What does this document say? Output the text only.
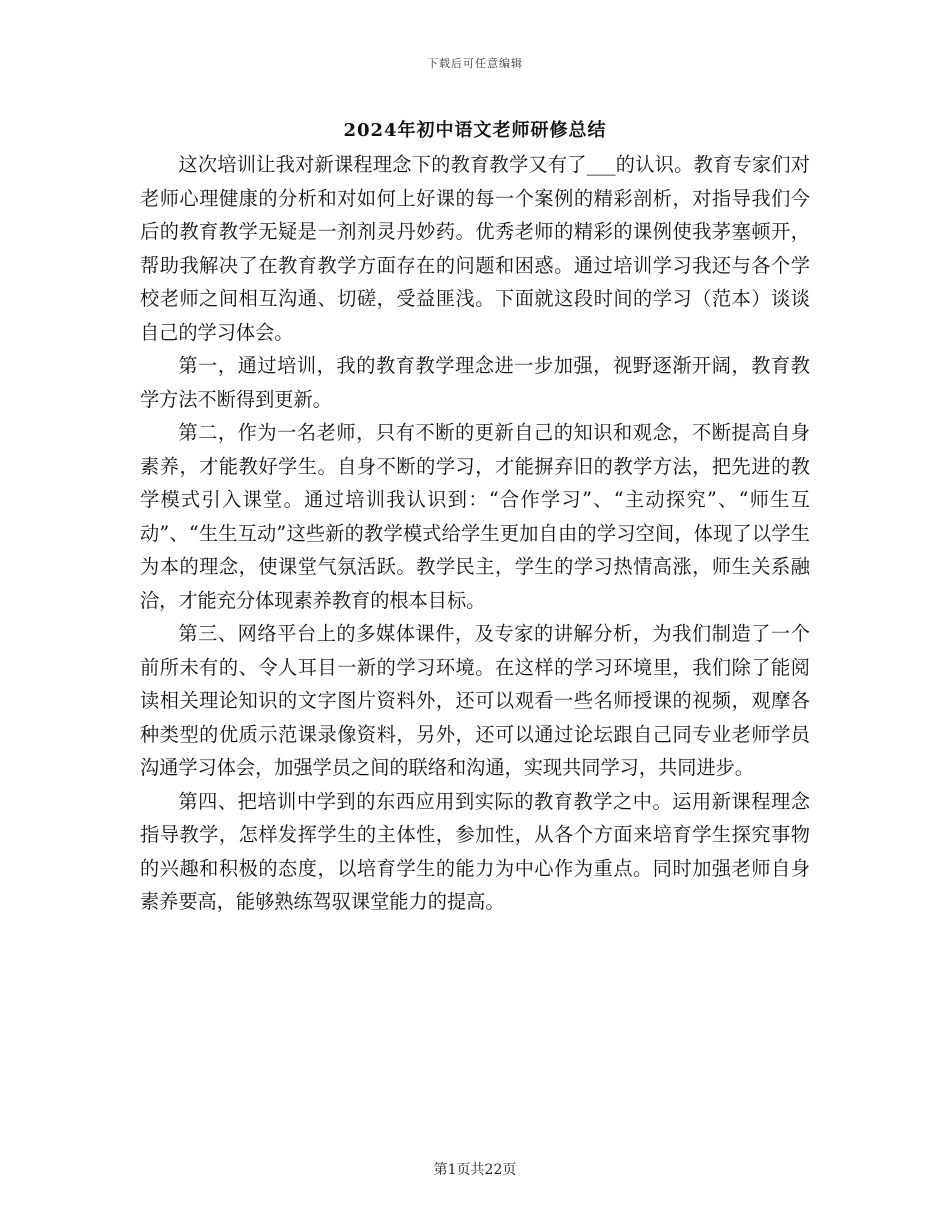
下载后可任意编辑
2024年初中语文老师研修总结

这次培训让我对新课程理念下的教育教学又有了___的认识。教育专家们对老师心理健康的分析和对如何上好课的每一个案例的精彩剖析，对指导我们今后的教育教学无疑是一剂剂灵丹妙药。优秀老师的精彩的课例使我茅塞顿开，帮助我解决了在教育教学方面存在的问题和困惑。通过培训学习我还与各个学校老师之间相互沟通、切磋，受益匪浅。下面就这段时间的学习（范本）谈谈自己的学习体会。

第一，通过培训，我的教育教学理念进一步加强，视野逐渐开阔，教育教学方法不断得到更新。

第二，作为一名老师，只有不断的更新自己的知识和观念，不断提高自身素养，才能教好学生。自身不断的学习，才能摒弃旧的教学方法，把先进的教学模式引入课堂。通过培训我认识到：“合作学习”、“主动探究”、“师生互动”、“生生互动”这些新的教学模式给学生更加自由的学习空间，体现了以学生为本的理念，使课堂气氛活跃。教学民主，学生的学习热情高涨，师生关系融洽，才能充分体现素养教育的根本目标。

第三、网络平台上的多媒体课件，及专家的讲解分析，为我们制造了一个前所未有的、令人耳目一新的学习环境。在这样的学习环境里，我们除了能阅读相关理论知识的文字图片资料外，还可以观看一些名师授课的视频，观摩各种类型的优质示范课录像资料，另外，还可以通过论坛跟自己同专业老师学员沟通学习体会，加强学员之间的联络和沟通，实现共同学习，共同进步。

第四、把培训中学到的东西应用到实际的教育教学之中。运用新课程理念指导教学，怎样发挥学生的主体性，参加性，从各个方面来培育学生探究事物的兴趣和积极的态度，以培育学生的能力为中心作为重点。同时加强老师自身素养要高，能够熟练驾驭课堂能力的提高。

第1页共22页
